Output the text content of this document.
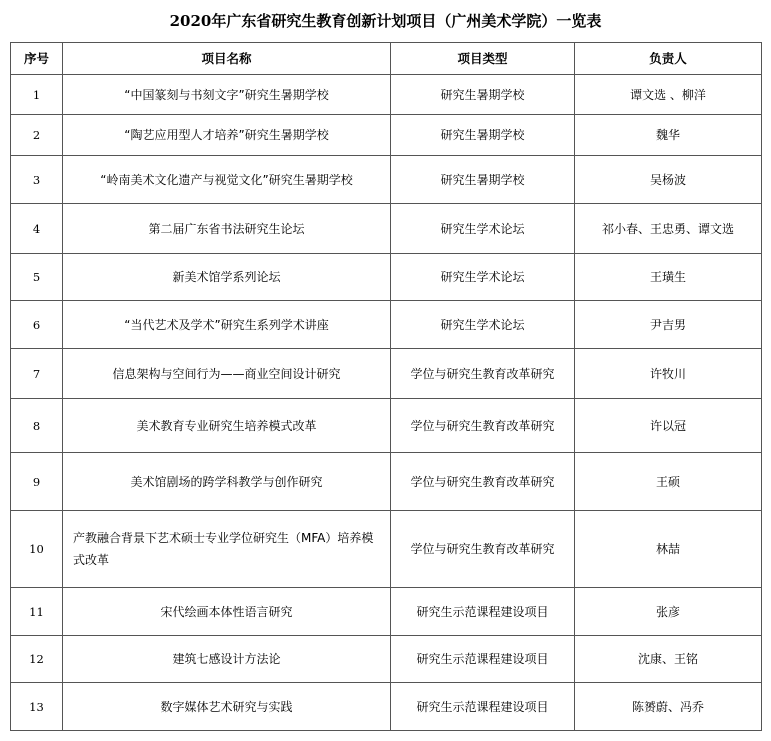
2020年广东省研究生教育创新计划项目（广州美术学院）一览表
序号	项目名称	项目类型	负责人
1	“中国篆刻与书刻文字”研究生暑期学校	研究生暑期学校	谭文选 、柳洋
2	“陶艺应用型人才培养”研究生暑期学校	研究生暑期学校	魏华
3	“岭南美术文化遗产与视觉文化”研究生暑期学校	研究生暑期学校	吴杨波
4	第二届广东省书法研究生论坛	研究生学术论坛	祁小春、王忠勇、谭文选
5	新美术馆学系列论坛	研究生学术论坛	王璜生
6	“当代艺术及学术”研究生系列学术讲座	研究生学术论坛	尹吉男
7	信息架构与空间行为——商业空间设计研究	学位与研究生教育改革研究	许牧川
8	美术教育专业研究生培养模式改革	学位与研究生教育改革研究	许以冠
9	美术馆剧场的跨学科教学与创作研究	学位与研究生教育改革研究	王硕
10	产教融合背景下艺术硕士专业学位研究生（MFA）培养模式改革	学位与研究生教育改革研究	林喆
11	宋代绘画本体性语言研究	研究生示范课程建设项目	张彦
12	建筑七感设计方法论	研究生示范课程建设项目	沈康、王铭
13	数字媒体艺术研究与实践	研究生示范课程建设项目	陈赟蔚、冯乔
